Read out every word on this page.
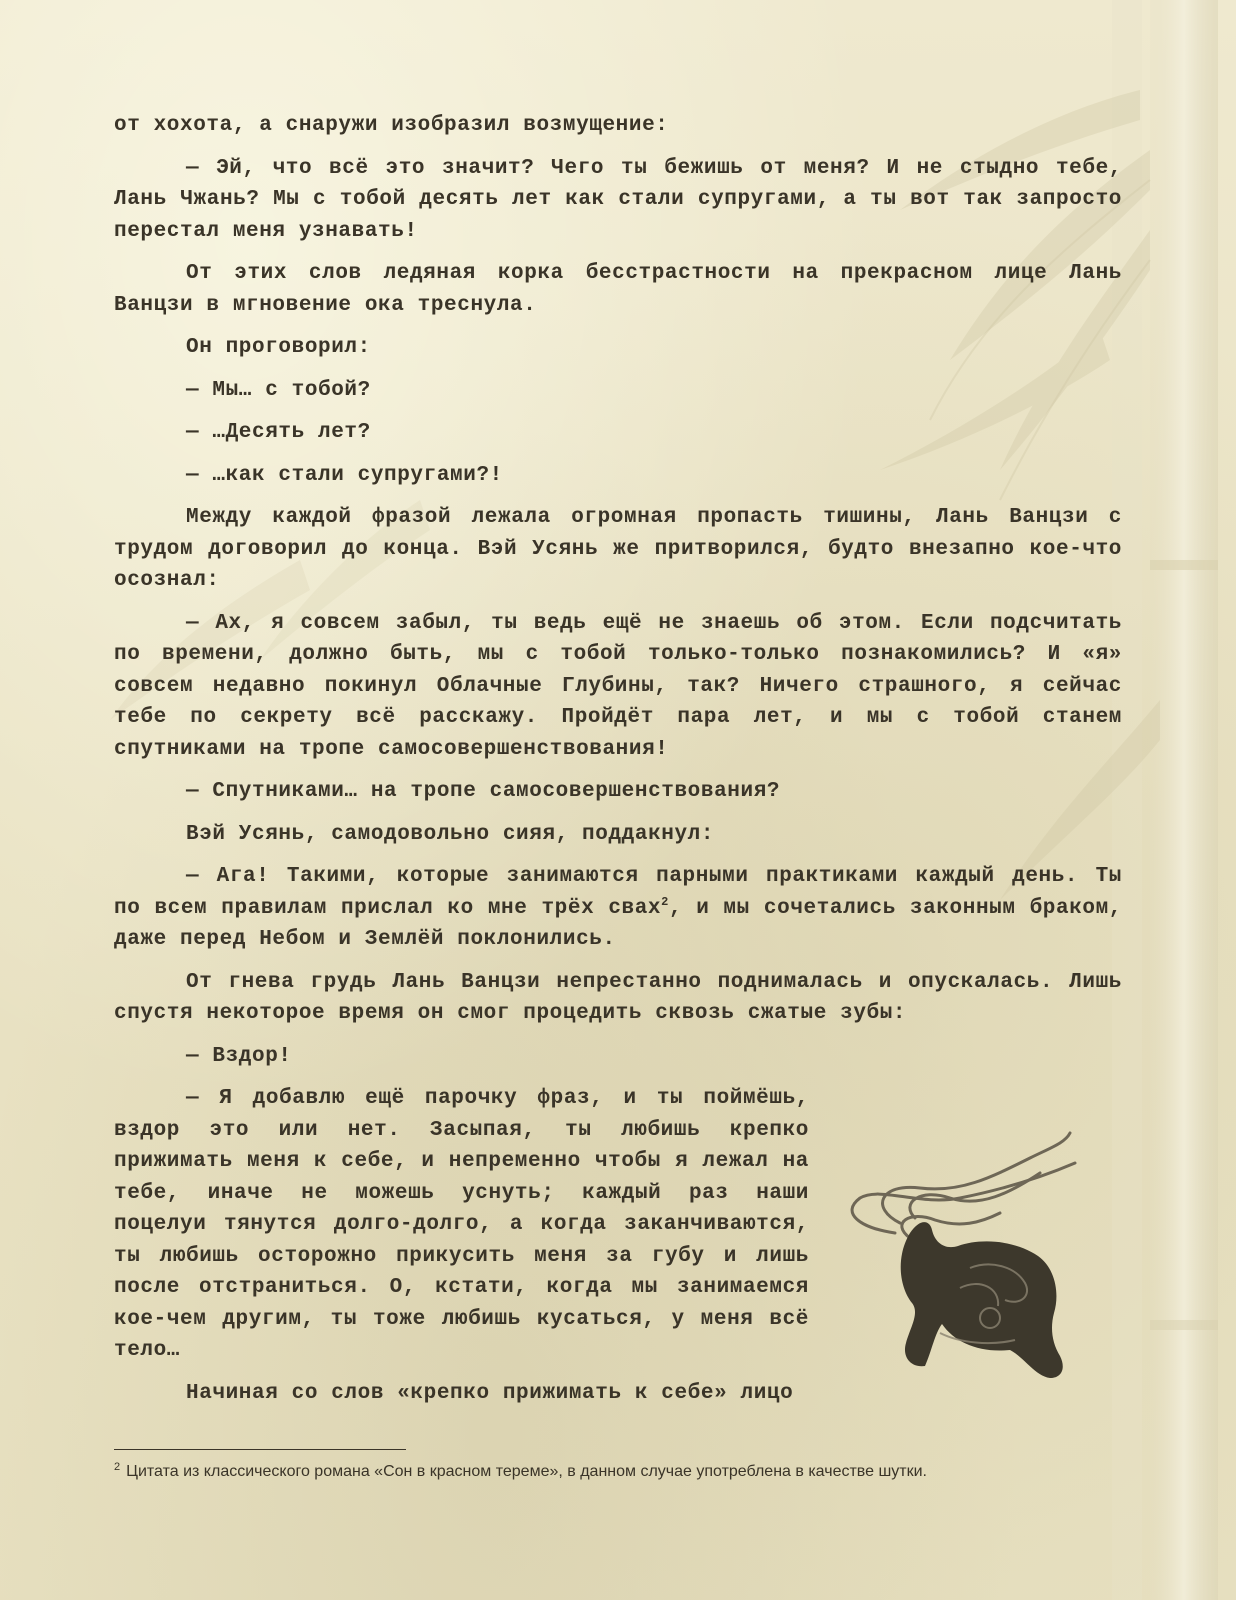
от хохота, а снаружи изобразил возмущение:

— Эй, что всё это значит? Чего ты бежишь от меня? И не стыдно тебе, Лань Чжань? Мы с тобой десять лет как стали супругами, а ты вот так запросто перестал меня узнавать!

От этих слов ледяная корка бесстрастности на прекрасном лице Лань Ванцзи в мгновение ока треснула.

Он проговорил:

— Мы… с тобой?

— …Десять лет?

— …как стали супругами?!

Между каждой фразой лежала огромная пропасть тишины, Лань Ванцзи с трудом договорил до конца. Вэй Усянь же притворился, будто внезапно кое-что осознал:

— Ах, я совсем забыл, ты ведь ещё не знаешь об этом. Если подсчитать по времени, должно быть, мы с тобой только-только познакомились? И «я» совсем недавно покинул Облачные Глубины, так? Ничего страшного, я сейчас тебе по секрету всё расскажу. Пройдёт пара лет, и мы с тобой станем спутниками на тропе самосовершенствования!

— Спутниками… на тропе самосовершенствования?

Вэй Усянь, самодовольно сияя, поддакнул:

— Ага! Такими, которые занимаются парными практиками каждый день. Ты по всем правилам прислал ко мне трёх свах$^2$, и мы сочетались законным браком, даже перед Небом и Землёй поклонились.

От гнева грудь Лань Ванцзи непрестанно поднималась и опускалась. Лишь спустя некоторое время он смог процедить сквозь сжатые зубы:

— Вздор!

— Я добавлю ещё парочку фраз, и ты поймёшь, вздор это или нет. Засыпая, ты любишь крепко прижимать меня к себе, и непременно чтобы я лежал на тебе, иначе не можешь уснуть; каждый раз наши поцелуи тянутся долго-долго, а когда заканчиваются, ты любишь осторожно прикусить меня за губу и лишь после отстраниться. О, кстати, когда мы занимаемся кое-чем другим, ты тоже любишь кусаться, у меня всё тело…

Начиная со слов «крепко прижимать к себе» лицо

$^2$ Цитата из классического романа «Сон в красном тереме», в данном случае употреблена в качестве шутки.
